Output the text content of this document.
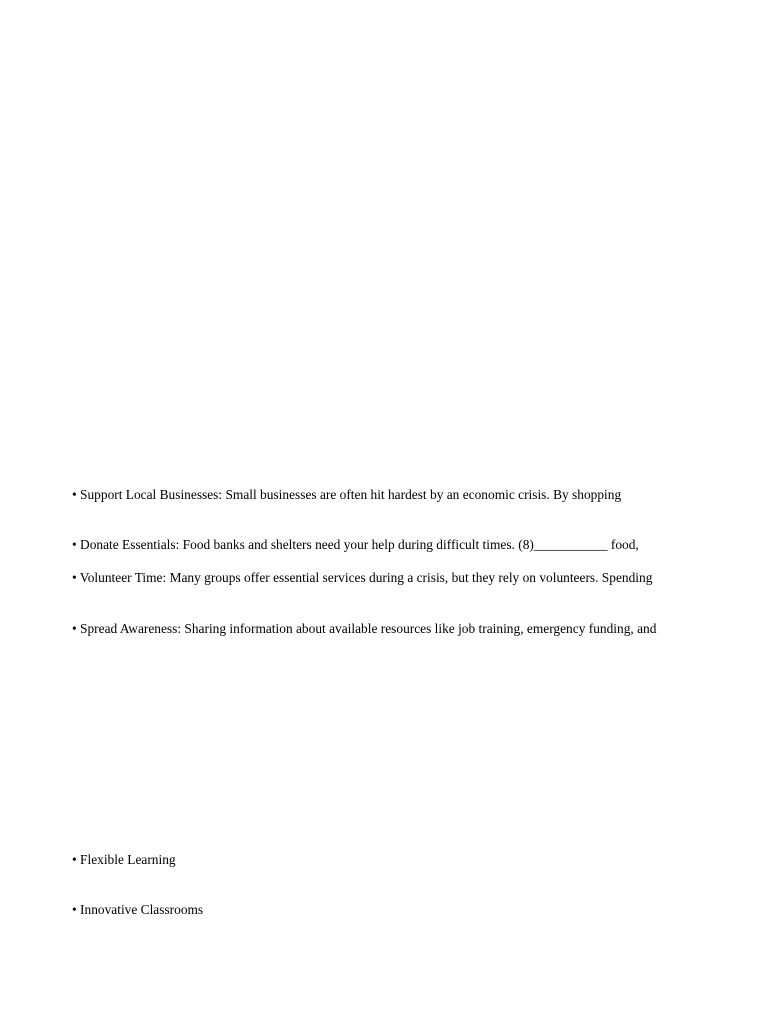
• Support Local Businesses: Small businesses are often hit hardest by an economic crisis. By shopping
• Donate Essentials: Food banks and shelters need your help during difficult times. (8)___________ food,
• Volunteer Time: Many groups offer essential services during a crisis, but they rely on volunteers. Spending
• Spread Awareness: Sharing information about available resources like job training, emergency funding, and
• Flexible Learning
• Innovative Classrooms
